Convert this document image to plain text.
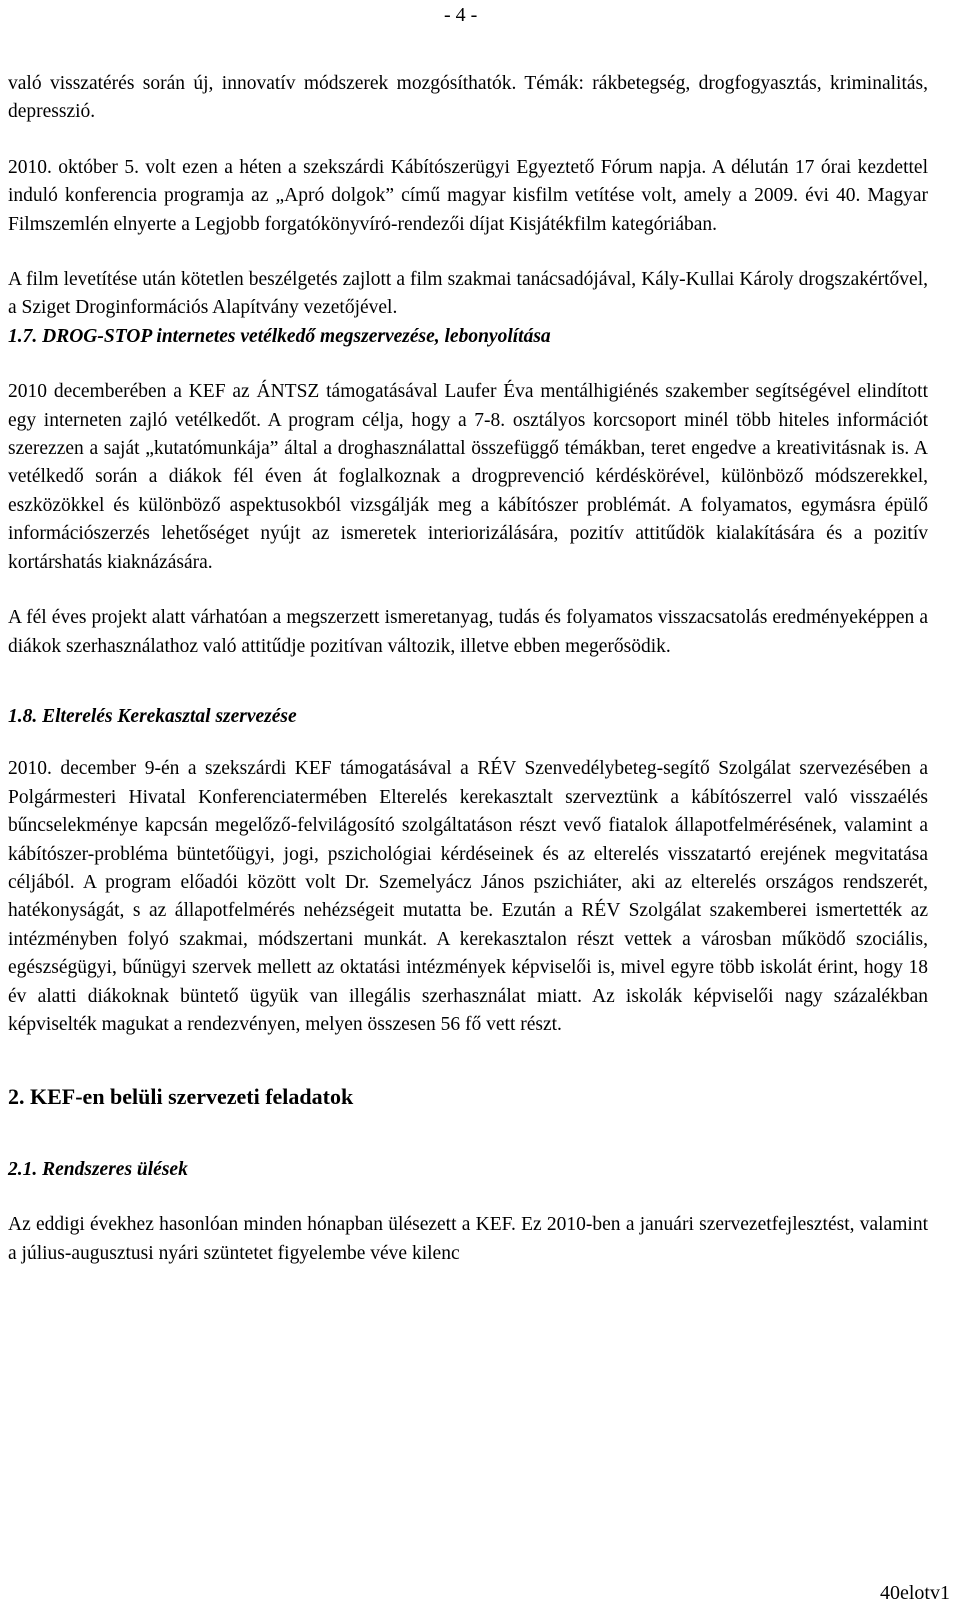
- 4 -

való visszatérés során új, innovatív módszerek mozgósíthatók. Témák: rákbetegség, drogfogyasztás, kriminalitás, depresszió.

2010. október 5. volt ezen a héten a szekszárdi Kábítószerügyi Egyeztető Fórum napja. A délután 17 órai kezdettel induló konferencia programja az „Apró dolgok” című magyar kisfilm vetítése volt, amely a 2009. évi 40. Magyar Filmszemlén elnyerte a Legjobb forgatókönyvíró-rendezői díjat Kisjátékfilm kategóriában.

A film levetítése után kötetlen beszélgetés zajlott a film szakmai tanácsadójával, Kály-Kullai Károly drogszakértővel, a Sziget Droginformációs Alapítvány vezetőjével.

1.7. DROG-STOP internetes vetélkedő megszervezése, lebonyolítása

2010 decemberében a KEF az ÁNTSZ támogatásával Laufer Éva mentálhigiénés szakember segítségével elindított egy interneten zajló vetélkedőt. A program célja, hogy a 7-8. osztályos korcsoport minél több hiteles információt szerezzen a saját „kutatómunkája” által a droghasználattal összefüggő témákban, teret engedve a kreativitásnak is. A vetélkedő során a diákok fél éven át foglalkoznak a drogprevenció kérdéskörével, különböző módszerekkel, eszközökkel és különböző aspektusokból vizsgálják meg a kábítószer problémát. A folyamatos, egymásra épülő információszerzés lehetőséget nyújt az ismeretek interiorizálására, pozitív attitűdök kialakítására és a pozitív kortárshatás kiaknázására.

A fél éves projekt alatt várhatóan a megszerzett ismeretanyag, tudás és folyamatos visszacsatolás eredményeképpen a diákok szerhasználathoz való attitűdje pozitívan változik, illetve ebben megerősödik.

1.8. Elterelés Kerekasztal szervezése

2010. december 9-én a szekszárdi KEF támogatásával a RÉV Szenvedélybeteg-segítő Szolgálat szervezésében a Polgármesteri Hivatal Konferenciatermében Elterelés kerekasztalt szerveztünk a kábítószerrel való visszaélés bűncselekménye kapcsán megelőző-felvilágosító szolgáltatáson részt vevő fiatalok állapotfelmérésének, valamint a kábítószer-probléma büntetőügyi, jogi, pszichológiai kérdéseinek és az elterelés visszatartó erejének megvitatása céljából. A program előadói között volt Dr. Szemelyácz János pszichiáter, aki az elterelés országos rendszerét, hatékonyságát, s az állapotfelmérés nehézségeit mutatta be. Ezután a RÉV Szolgálat szakemberei ismertették az intézményben folyó szakmai, módszertani munkát. A kerekasztalon részt vettek a városban működő szociális, egészségügyi, bűnügyi szervek mellett az oktatási intézmények képviselői is, mivel egyre több iskolát érint, hogy 18 év alatti diákoknak büntető ügyük van illegális szerhasználat miatt. Az iskolák képviselői nagy százalékban képviselték magukat a rendezvényen, melyen összesen 56 fő vett részt.

2. KEF-en belüli szervezeti feladatok

2.1. Rendszeres ülések

Az eddigi évekhez hasonlóan minden hónapban ülésezett a KEF. Ez 2010-ben a januári szervezetfejlesztést, valamint a július-augusztusi nyári szüntetet figyelembe véve kilenc

40elotv1
